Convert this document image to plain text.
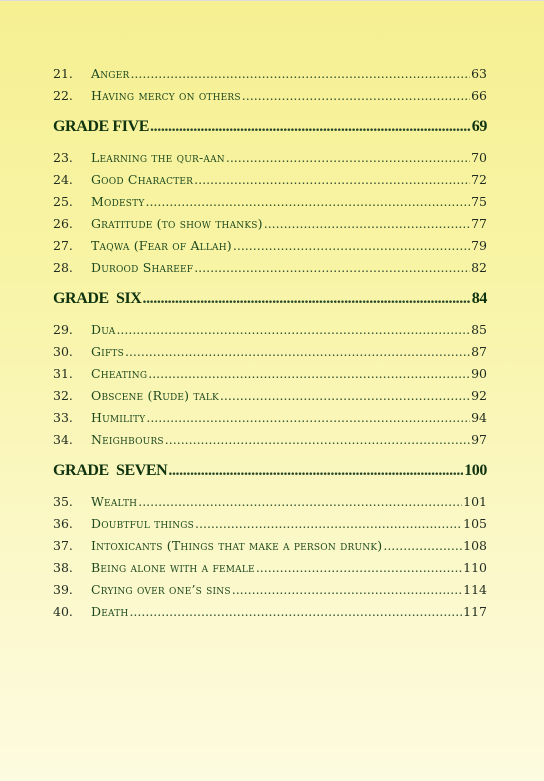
21.	Anger .....	63
22.	Having mercy on others .....	66
GRADE FIVE .....	69
23.	Learning the qur-aan .....	70
24.	Good Character .....	72
25.	Modesty .....	75
26.	Gratitude (to show thanks) .....	77
27.	Taqwa (Fear of Allah) .....	79
28.	Durood Shareef .....	82
GRADE  SIX .....	84
29.	Dua .....	85
30.	Gifts .....	87
31.	Cheating .....	90
32.	Obscene (Rude) talk .....	92
33.	Humility .....	94
34.	Neighbours .....	97
GRADE  SEVEN .....	100
35.	Wealth .....	101
36.	Doubtful things .....	105
37.	Intoxicants (Things that make a person drunk) .....	108
38.	Being alone with a female .....	110
39.	Crying over one’s sins .....	114
40.	Death .....	117
